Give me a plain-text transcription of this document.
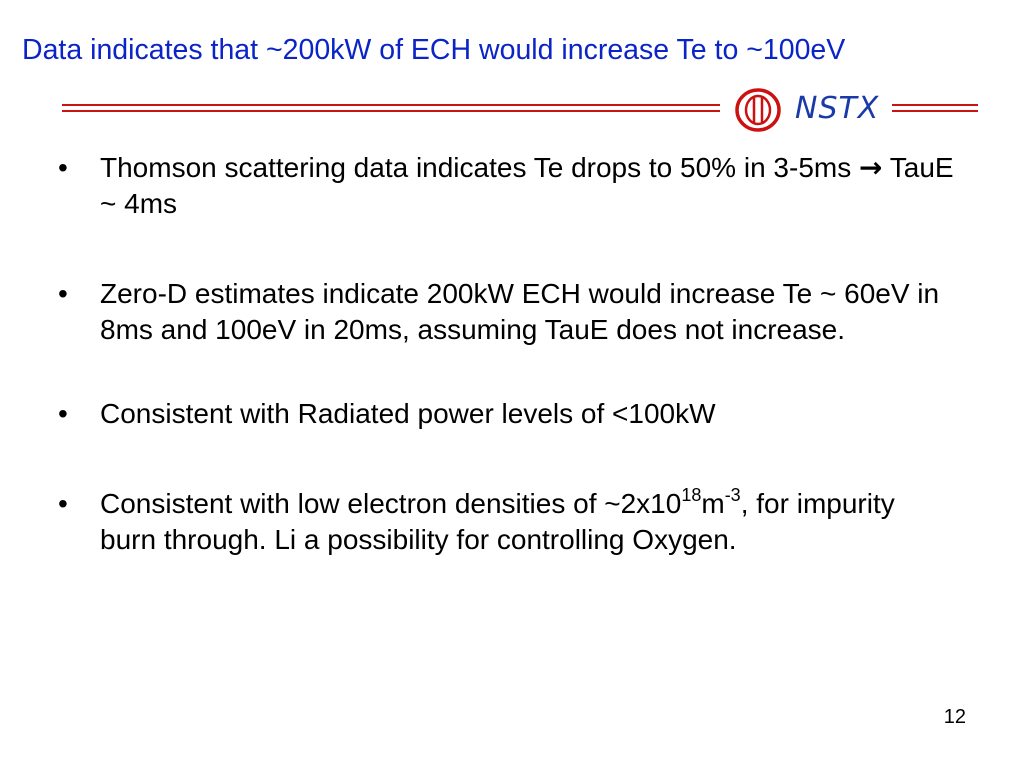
Data indicates that ~200kW of ECH would increase Te to ~100eV
NSTX
• Thomson scattering data indicates Te drops to 50% in 3-5ms → TauE ~ 4ms
• Zero-D estimates indicate 200kW ECH would increase Te ~ 60eV in 8ms and 100eV in 20ms, assuming TauE does not increase.
• Consistent with Radiated power levels of <100kW
• Consistent with low electron densities of $\sim 2x10^{18}m^{-3}$, for impurity burn through. Li a possibility for controlling Oxygen.
12
